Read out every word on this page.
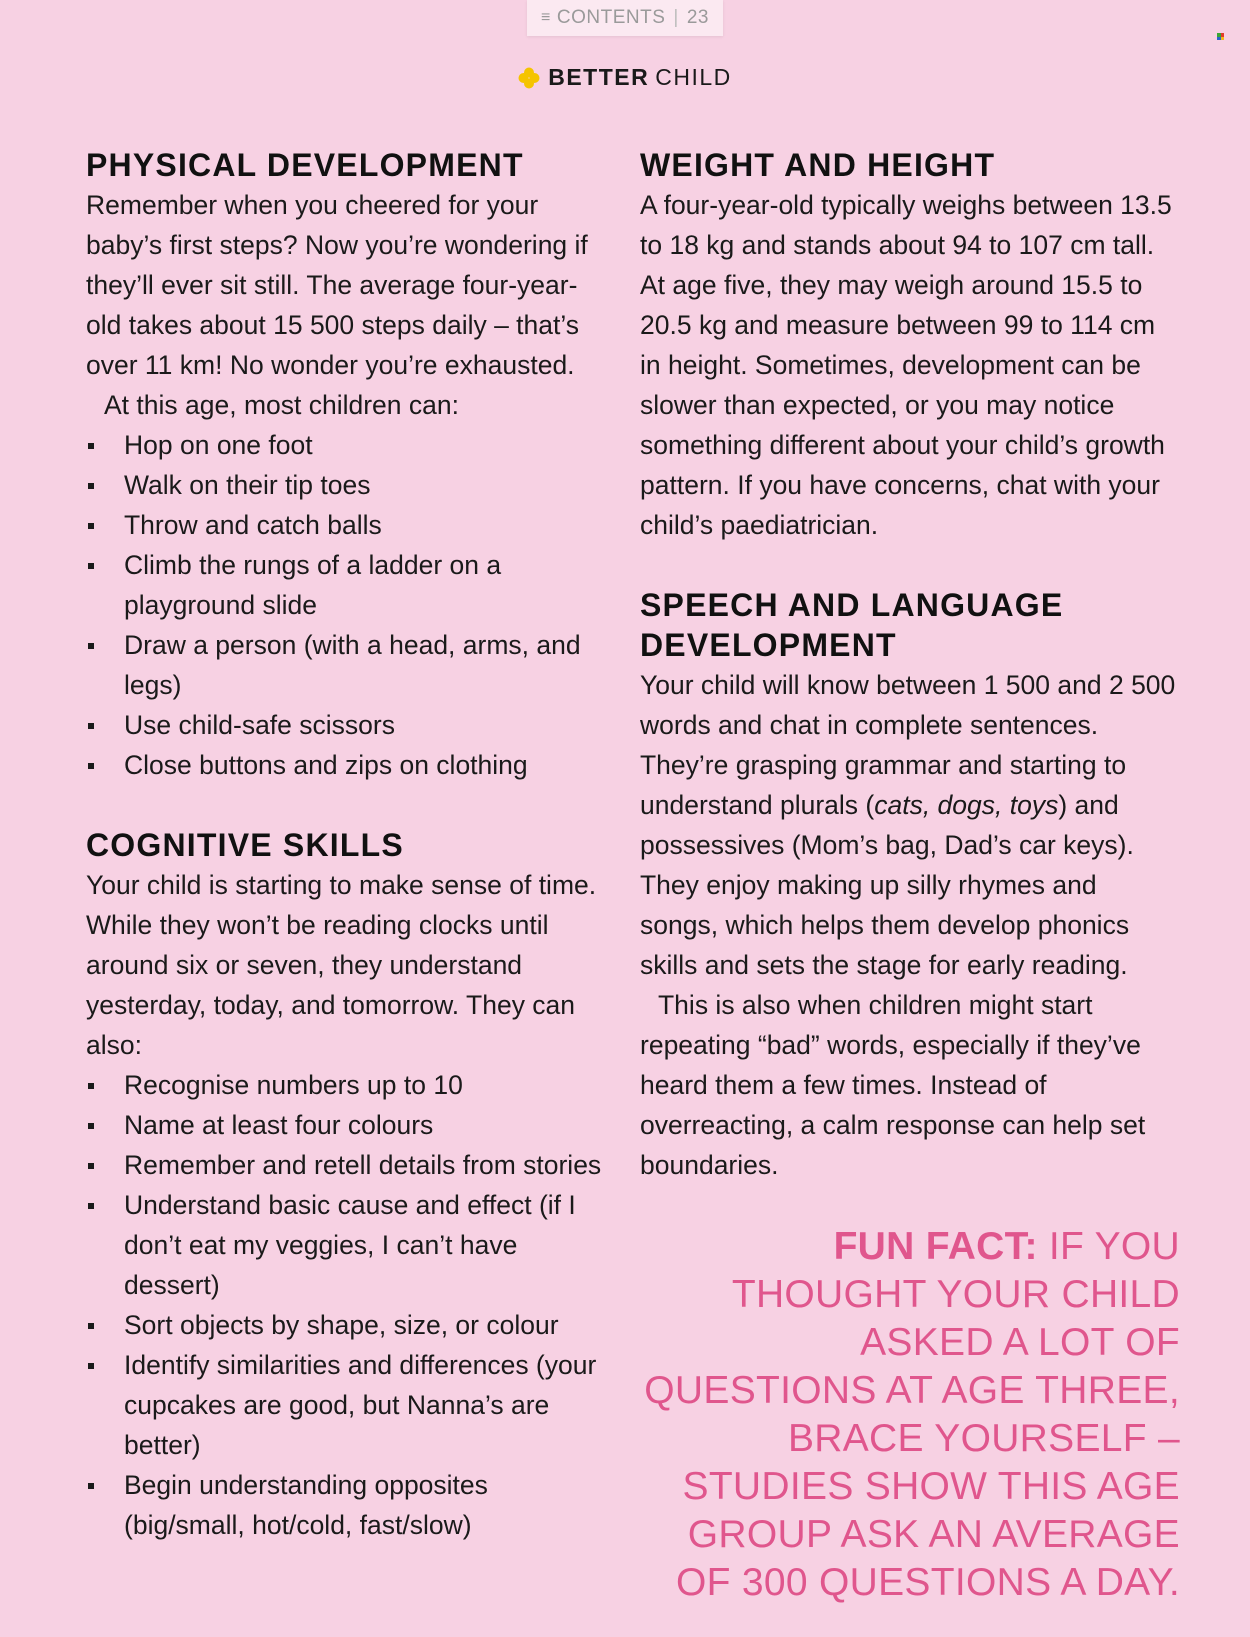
≡ CONTENTS | 23
BETTER CHILD
PHYSICAL DEVELOPMENT

Remember when you cheered for your baby’s first steps? Now you’re wondering if they’ll ever sit still. The average four-year-old takes about 15 500 steps daily – that’s over 11 km! No wonder you’re exhausted.

At this age, most children can:

Hop on one foot
Walk on their tip toes
Throw and catch balls
Climb the rungs of a ladder on a playground slide
Draw a person (with a head, arms, and legs)
Use child-safe scissors
Close buttons and zips on clothing
COGNITIVE SKILLS

Your child is starting to make sense of time. While they won’t be reading clocks until around six or seven, they understand yesterday, today, and tomorrow. They can also:

Recognise numbers up to 10
Name at least four colours
Remember and retell details from stories
Understand basic cause and effect (if I don’t eat my veggies, I can’t have dessert)
Sort objects by shape, size, or colour
Identify similarities and differences (your cupcakes are good, but Nanna’s are better)
Begin understanding opposites (big/small, hot/cold, fast/slow)
WEIGHT AND HEIGHT

A four-year-old typically weighs between 13.5 to 18 kg and stands about 94 to 107 cm tall. At age five, they may weigh around 15.5 to 20.5 kg and measure between 99 to 114 cm in height. Sometimes, development can be slower than expected, or you may notice something different about your child’s growth pattern. If you have concerns, chat with your child’s paediatrician.

SPEECH AND LANGUAGE DEVELOPMENT

Your child will know between 1 500 and 2 500 words and chat in complete sentences. They’re grasping grammar and starting to understand plurals (cats, dogs, toys) and possessives (Mom’s bag, Dad’s car keys). They enjoy making up silly rhymes and songs, which helps them develop phonics skills and sets the stage for early reading.

This is also when children might start repeating “bad” words, especially if they’ve heard them a few times. Instead of overreacting, a calm response can help set boundaries.

FUN FACT: IF YOU THOUGHT YOUR CHILD ASKED A LOT OF QUESTIONS AT AGE THREE, BRACE YOURSELF – STUDIES SHOW THIS AGE GROUP ASK AN AVERAGE OF 300 QUESTIONS A DAY.
